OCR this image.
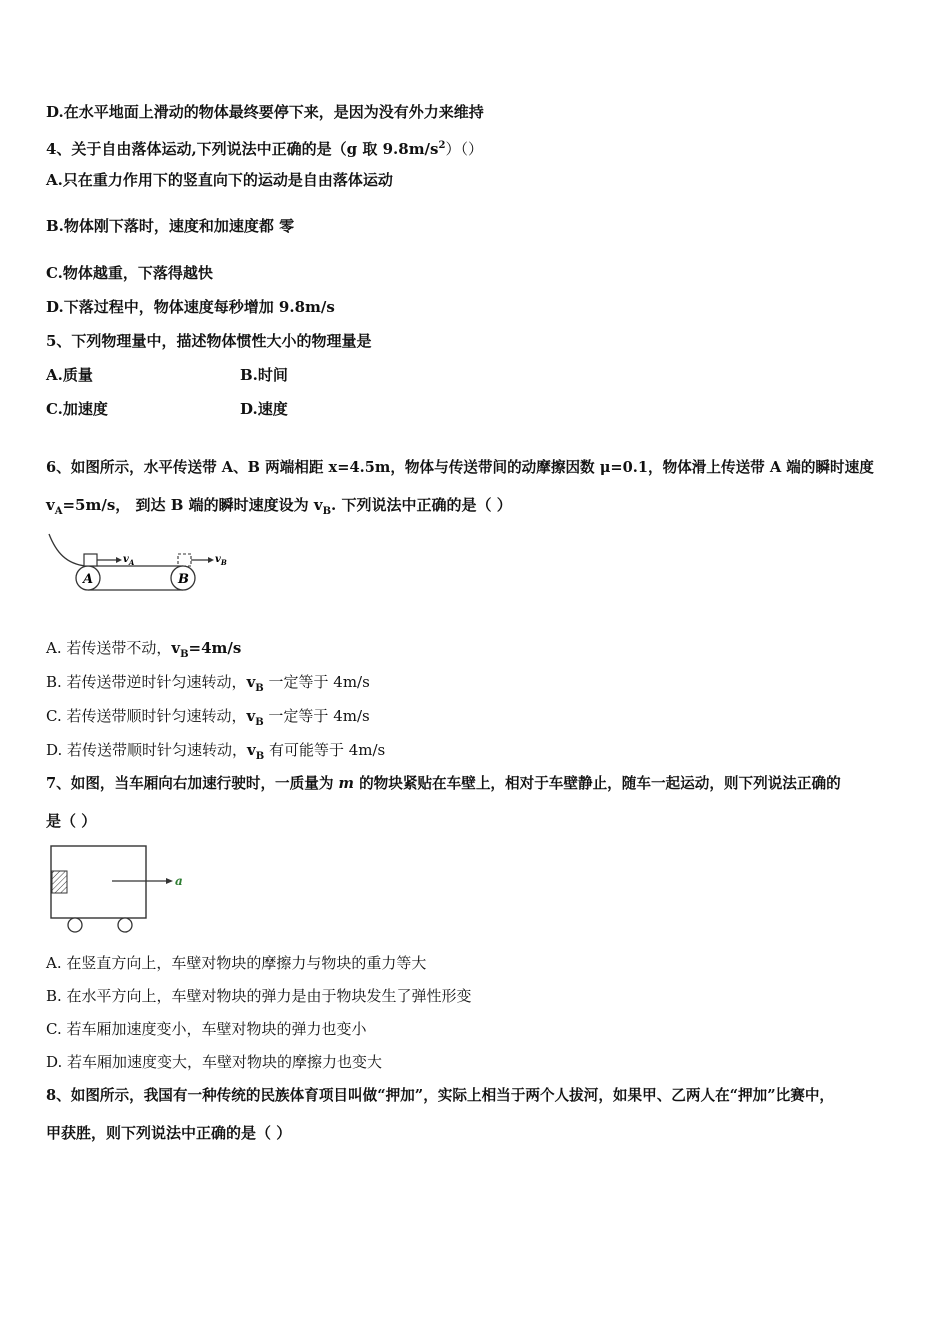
D.在水平地面上滑动的物体最终要停下来，是因为没有外力来维持
4、关于自由落体运动,下列说法中正确的是（g 取 $9.8m/s^2)()$
A.只在重力作用下的竖直向下的运动是自由落体运动
B.物体刚下落时，速度和加速度都 零
C.物体越重，下落得越快
D.下落过程中，物体速度每秒增加 9.8m/s
5、下列物理量中，描述物体惯性大小的物理量是
A.质量	B.时间
C.加速度	D.速度
6、如图所示，水平传送带 A、B 两端相距 x=4.5m，物体与传送带间的动摩擦因数 μ=0.1，物体滑上传送带 A 端的瞬时速度
$v_A=5m/s$， 到达 B 端的瞬时速度设为 $v_B$. 下列说法中正确的是（ ）
A	B
$v_A$	$v_B$
A. 若传送带不动，$v_B=4m/s$
B. 若传送带逆时针匀速转动，$v_B$ 一定等于 4m/s
C. 若传送带顺时针匀速转动，$v_B$ 一定等于 4m/s
D. 若传送带顺时针匀速转动，$v_B$ 有可能等于 4m/s
7、如图，当车厢向右加速行驶时，一质量为 m 的物块紧贴在车壁上，相对于车壁静止，随车一起运动，则下列说法正确的
是（ ）
a
A. 在竖直方向上，车壁对物块的摩擦力与物块的重力等大
B. 在水平方向上，车壁对物块的弹力是由于物块发生了弹性形变
C. 若车厢加速度变小，车壁对物块的弹力也变小
D. 若车厢加速度变大，车壁对物块的摩擦力也变大
8、如图所示，我国有一种传统的民族体育项目叫做“押加”，实际上相当于两个人拔河，如果甲、乙两人在“押加”比赛中，
甲获胜，则下列说法中正确的是（ ）
